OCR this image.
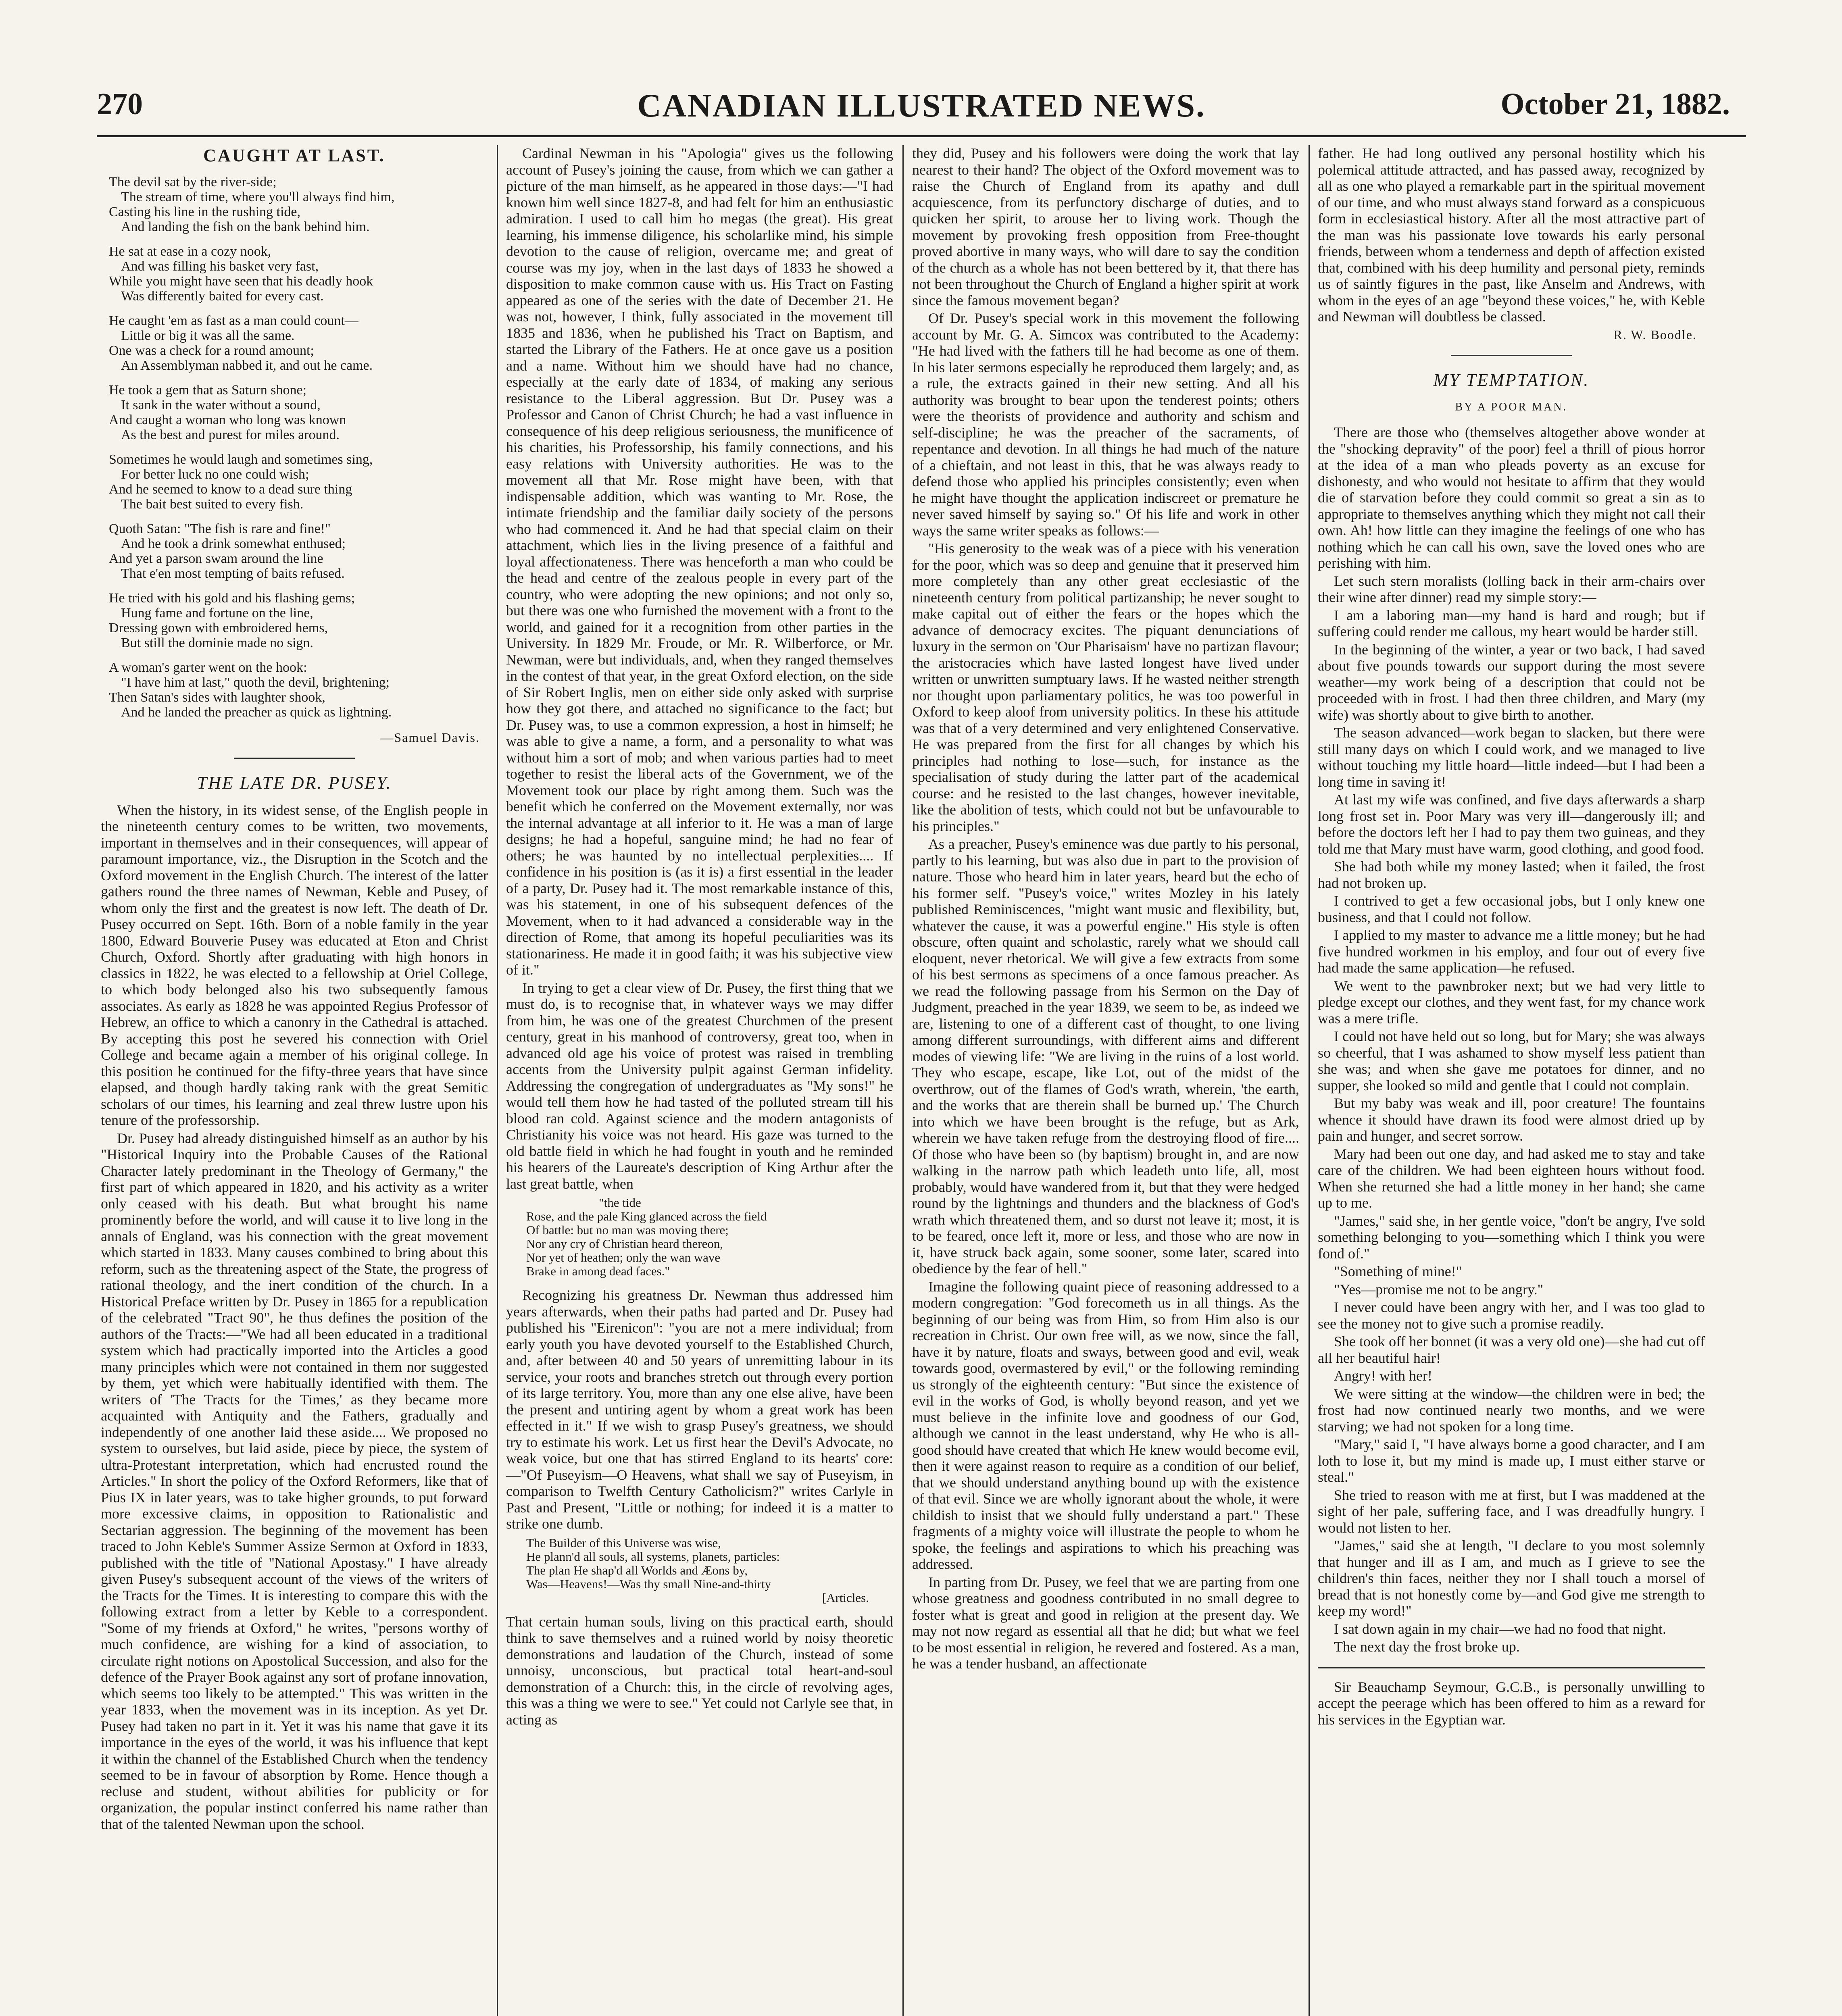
270	CANADIAN ILLUSTRATED NEWS.	October 21, 1882.
CAUGHT AT LAST.
The devil sat by the river-side;
The stream of time, where you'll always find him,
Casting his line in the rushing tide,
And landing the fish on the bank behind him.
He sat at ease in a cozy nook,
And was filling his basket very fast,
While you might have seen that his deadly hook
Was differently baited for every cast.
He caught 'em as fast as a man could count—
Little or big it was all the same.
One was a check for a round amount;
An Assemblyman nabbed it, and out he came.
He took a gem that as Saturn shone;
It sank in the water without a sound,
And caught a woman who long was known
As the best and purest for miles around.
Sometimes he would laugh and sometimes sing,
For better luck no one could wish;
And he seemed to know to a dead sure thing
The bait best suited to every fish.
Quoth Satan: "The fish is rare and fine!"
And he took a drink somewhat enthused;
And yet a parson swam around the line
That e'en most tempting of baits refused.
He tried with his gold and his flashing gems;
Hung fame and fortune on the line,
Dressing gown with embroidered hems,
But still the dominie made no sign.
A woman's garter went on the hook:
"I have him at last," quoth the devil, brightening;
Then Satan's sides with laughter shook,
And he landed the preacher as quick as lightning.
—Samuel Davis.
THE LATE DR. PUSEY.

When the history, in its widest sense, of the English people in the nineteenth century comes to be written, two movements, important in themselves and in their consequences, will appear of paramount importance, viz., the Disruption in the Scotch and the Oxford movement in the English Church. The interest of the latter gathers round the three names of Newman, Keble and Pusey, of whom only the first and the greatest is now left. The death of Dr. Pusey occurred on Sept. 16th. Born of a noble family in the year 1800, Edward Bouverie Pusey was educated at Eton and Christ Church, Oxford. Shortly after graduating with high honors in classics in 1822, he was elected to a fellowship at Oriel College, to which body belonged also his two subsequently famous associates. As early as 1828 he was appointed Regius Professor of Hebrew, an office to which a canonry in the Cathedral is attached. By accepting this post he severed his connection with Oriel College and became again a member of his original college. In this position he continued for the fifty-three years that have since elapsed, and though hardly taking rank with the great Semitic scholars of our times, his learning and zeal threw lustre upon his tenure of the professorship.

Dr. Pusey had already distinguished himself as an author by his "Historical Inquiry into the Probable Causes of the Rational Character lately predominant in the Theology of Germany," the first part of which appeared in 1820, and his activity as a writer only ceased with his death. But what brought his name prominently before the world, and will cause it to live long in the annals of England, was his connection with the great movement which started in 1833. Many causes combined to bring about this reform, such as the threatening aspect of the State, the progress of rational theology, and the inert condition of the church. In a Historical Preface written by Dr. Pusey in 1865 for a republication of the celebrated "Tract 90", he thus defines the position of the authors of the Tracts:—"We had all been educated in a traditional system which had practically imported into the Articles a good many principles which were not contained in them nor suggested by them, yet which were habitually identified with them. The writers of 'The Tracts for the Times,' as they became more acquainted with Antiquity and the Fathers, gradually and independently of one another laid these aside.... We proposed no system to ourselves, but laid aside, piece by piece, the system of ultra-Protestant interpretation, which had encrusted round the Articles." In short the policy of the Oxford Reformers, like that of Pius IX in later years, was to take higher grounds, to put forward more excessive claims, in opposition to Rationalistic and Sectarian aggression. The beginning of the movement has been traced to John Keble's Summer Assize Sermon at Oxford in 1833, published with the title of "National Apostasy." I have already given Pusey's subsequent account of the views of the writers of the Tracts for the Times. It is interesting to compare this with the following extract from a letter by Keble to a correspondent. "Some of my friends at Oxford," he writes, "persons worthy of much confidence, are wishing for a kind of association, to circulate right notions on Apostolical Succession, and also for the defence of the Prayer Book against any sort of profane innovation, which seems too likely to be attempted." This was written in the year 1833, when the movement was in its inception. As yet Dr. Pusey had taken no part in it. Yet it was his name that gave it its importance in the eyes of the world, it was his influence that kept it within the channel of the Established Church when the tendency seemed to be in favour of absorption by Rome. Hence though a recluse and student, without abilities for publicity or for organization, the popular instinct conferred his name rather than that of the talented Newman upon the school.

Cardinal Newman in his "Apologia" gives us the following account of Pusey's joining the cause, from which we can gather a picture of the man himself, as he appeared in those days:—"I had known him well since 1827-8, and had felt for him an enthusiastic admiration. I used to call him ho megas (the great). His great learning, his immense diligence, his scholarlike mind, his simple devotion to the cause of religion, overcame me; and great of course was my joy, when in the last days of 1833 he showed a disposition to make common cause with us. His Tract on Fasting appeared as one of the series with the date of December 21. He was not, however, I think, fully associated in the movement till 1835 and 1836, when he published his Tract on Baptism, and started the Library of the Fathers. He at once gave us a position and a name. Without him we should have had no chance, especially at the early date of 1834, of making any serious resistance to the Liberal aggression. But Dr. Pusey was a Professor and Canon of Christ Church; he had a vast influence in consequence of his deep religious seriousness, the munificence of his charities, his Professorship, his family connections, and his easy relations with University authorities. He was to the movement all that Mr. Rose might have been, with that indispensable addition, which was wanting to Mr. Rose, the intimate friendship and the familiar daily society of the persons who had commenced it. And he had that special claim on their attachment, which lies in the living presence of a faithful and loyal affectionateness. There was henceforth a man who could be the head and centre of the zealous people in every part of the country, who were adopting the new opinions; and not only so, but there was one who furnished the movement with a front to the world, and gained for it a recognition from other parties in the University. In 1829 Mr. Froude, or Mr. R. Wilberforce, or Mr. Newman, were but individuals, and, when they ranged themselves in the contest of that year, in the great Oxford election, on the side of Sir Robert Inglis, men on either side only asked with surprise how they got there, and attached no significance to the fact; but Dr. Pusey was, to use a common expression, a host in himself; he was able to give a name, a form, and a personality to what was without him a sort of mob; and when various parties had to meet together to resist the liberal acts of the Government, we of the Movement took our place by right among them. Such was the benefit which he conferred on the Movement externally, nor was the internal advantage at all inferior to it. He was a man of large designs; he had a hopeful, sanguine mind; he had no fear of others; he was haunted by no intellectual perplexities.... If confidence in his position is (as it is) a first essential in the leader of a party, Dr. Pusey had it. The most remarkable instance of this, was his statement, in one of his subsequent defences of the Movement, when to it had advanced a considerable way in the direction of Rome, that among its hopeful peculiarities was its stationariness. He made it in good faith; it was his subjective view of it."

In trying to get a clear view of Dr. Pusey, the first thing that we must do, is to recognise that, in whatever ways we may differ from him, he was one of the greatest Churchmen of the present century, great in his manhood of controversy, great too, when in advanced old age his voice of protest was raised in trembling accents from the University pulpit against German infidelity. Addressing the congregation of undergraduates as "My sons!" he would tell them how he had tasted of the polluted stream till his blood ran cold. Against science and the modern antagonists of Christianity his voice was not heard. His gaze was turned to the old battle field in which he had fought in youth and he reminded his hearers of the Laureate's description of King Arthur after the last great battle, when

"the tide
Rose, and the pale King glanced across the field
Of battle: but no man was moving there;
Nor any cry of Christian heard thereon,
Nor yet of heathen; only the wan wave
Brake in among dead faces."

Recognizing his greatness Dr. Newman thus addressed him years afterwards, when their paths had parted and Dr. Pusey had published his "Eirenicon": "you are not a mere individual; from early youth you have devoted yourself to the Established Church, and, after between 40 and 50 years of unremitting labour in its service, your roots and branches stretch out through every portion of its large territory. You, more than any one else alive, have been the present and untiring agent by whom a great work has been effected in it." If we wish to grasp Pusey's greatness, we should try to estimate his work. Let us first hear the Devil's Advocate, no weak voice, but one that has stirred England to its hearts' core:—"Of Puseyism—O Heavens, what shall we say of Puseyism, in comparison to Twelfth Century Catholicism?" writes Carlyle in Past and Present, "Little or nothing; for indeed it is a matter to strike one dumb.

The Builder of this Universe was wise,
He plann'd all souls, all systems, planets, particles:
The plan He shap'd all Worlds and Æons by,
Was—Heavens!—Was thy small Nine-and-thirty
[Articles.

That certain human souls, living on this practical earth, should think to save themselves and a ruined world by noisy theoretic demonstrations and laudation of the Church, instead of some unnoisy, unconscious, but practical total heart-and-soul demonstration of a Church: this, in the circle of revolving ages, this was a thing we were to see." Yet could not Carlyle see that, in acting as

they did, Pusey and his followers were doing the work that lay nearest to their hand? The object of the Oxford movement was to raise the Church of England from its apathy and dull acquiescence, from its perfunctory discharge of duties, and to quicken her spirit, to arouse her to living work. Though the movement by provoking fresh opposition from Free-thought proved abortive in many ways, who will dare to say the condition of the church as a whole has not been bettered by it, that there has not been throughout the Church of England a higher spirit at work since the famous movement began?

Of Dr. Pusey's special work in this movement the following account by Mr. G. A. Simcox was contributed to the Academy: "He had lived with the fathers till he had become as one of them. In his later sermons especially he reproduced them largely; and, as a rule, the extracts gained in their new setting. And all his authority was brought to bear upon the tenderest points; others were the theorists of providence and authority and schism and self-discipline; he was the preacher of the sacraments, of repentance and devotion. In all things he had much of the nature of a chieftain, and not least in this, that he was always ready to defend those who applied his principles consistently; even when he might have thought the application indiscreet or premature he never saved himself by saying so." Of his life and work in other ways the same writer speaks as follows:—

"His generosity to the weak was of a piece with his veneration for the poor, which was so deep and genuine that it preserved him more completely than any other great ecclesiastic of the nineteenth century from political partizanship; he never sought to make capital out of either the fears or the hopes which the advance of democracy excites. The piquant denunciations of luxury in the sermon on 'Our Pharisaism' have no partizan flavour; the aristocracies which have lasted longest have lived under written or unwritten sumptuary laws. If he wasted neither strength nor thought upon parliamentary politics, he was too powerful in Oxford to keep aloof from university politics. In these his attitude was that of a very determined and very enlightened Conservative. He was prepared from the first for all changes by which his principles had nothing to lose—such, for instance as the specialisation of study during the latter part of the academical course: and he resisted to the last changes, however inevitable, like the abolition of tests, which could not but be unfavourable to his principles."

As a preacher, Pusey's eminence was due partly to his personal, partly to his learning, but was also due in part to the provision of nature. Those who heard him in later years, heard but the echo of his former self. "Pusey's voice," writes Mozley in his lately published Reminiscences, "might want music and flexibility, but, whatever the cause, it was a powerful engine." His style is often obscure, often quaint and scholastic, rarely what we should call eloquent, never rhetorical. We will give a few extracts from some of his best sermons as specimens of a once famous preacher. As we read the following passage from his Sermon on the Day of Judgment, preached in the year 1839, we seem to be, as indeed we are, listening to one of a different cast of thought, to one living among different surroundings, with different aims and different modes of viewing life: "We are living in the ruins of a lost world. They who escape, escape, like Lot, out of the midst of the overthrow, out of the flames of God's wrath, wherein, 'the earth, and the works that are therein shall be burned up.' The Church into which we have been brought is the refuge, but as Ark, wherein we have taken refuge from the destroying flood of fire.... Of those who have been so (by baptism) brought in, and are now walking in the narrow path which leadeth unto life, all, most probably, would have wandered from it, but that they were hedged round by the lightnings and thunders and the blackness of God's wrath which threatened them, and so durst not leave it; most, it is to be feared, once left it, more or less, and those who are now in it, have struck back again, some sooner, some later, scared into obedience by the fear of hell."

Imagine the following quaint piece of reasoning addressed to a modern congregation: "God forecometh us in all things. As the beginning of our being was from Him, so from Him also is our recreation in Christ. Our own free will, as we now, since the fall, have it by nature, floats and sways, between good and evil, weak towards good, overmastered by evil," or the following reminding us strongly of the eighteenth century: "But since the existence of evil in the works of God, is wholly beyond reason, and yet we must believe in the infinite love and goodness of our God, although we cannot in the least understand, why He who is all-good should have created that which He knew would become evil, then it were against reason to require as a condition of our belief, that we should understand anything bound up with the existence of that evil. Since we are wholly ignorant about the whole, it were childish to insist that we should fully understand a part." These fragments of a mighty voice will illustrate the people to whom he spoke, the feelings and aspirations to which his preaching was addressed.

In parting from Dr. Pusey, we feel that we are parting from one whose greatness and goodness contributed in no small degree to foster what is great and good in religion at the present day. We may not now regard as essential all that he did; but what we feel to be most essential in religion, he revered and fostered. As a man, he was a tender husband, an affectionate

father. He had long outlived any personal hostility which his polemical attitude attracted, and has passed away, recognized by all as one who played a remarkable part in the spiritual movement of our time, and who must always stand forward as a conspicuous form in ecclesiastical history. After all the most attractive part of the man was his passionate love towards his early personal friends, between whom a tenderness and depth of affection existed that, combined with his deep humility and personal piety, reminds us of saintly figures in the past, like Anselm and Andrews, with whom in the eyes of an age "beyond these voices," he, with Keble and Newman will doubtless be classed.

R. W. Boodle.
MY TEMPTATION.
BY A POOR MAN.

There are those who (themselves altogether above wonder at the "shocking depravity" of the poor) feel a thrill of pious horror at the idea of a man who pleads poverty as an excuse for dishonesty, and who would not hesitate to affirm that they would die of starvation before they could commit so great a sin as to appropriate to themselves anything which they might not call their own. Ah! how little can they imagine the feelings of one who has nothing which he can call his own, save the loved ones who are perishing with him.

Let such stern moralists (lolling back in their arm-chairs over their wine after dinner) read my simple story:—

I am a laboring man—my hand is hard and rough; but if suffering could render me callous, my heart would be harder still.

In the beginning of the winter, a year or two back, I had saved about five pounds towards our support during the most severe weather—my work being of a description that could not be proceeded with in frost. I had then three children, and Mary (my wife) was shortly about to give birth to another.

The season advanced—work began to slacken, but there were still many days on which I could work, and we managed to live without touching my little hoard—little indeed—but I had been a long time in saving it!

At last my wife was confined, and five days afterwards a sharp long frost set in. Poor Mary was very ill—dangerously ill; and before the doctors left her I had to pay them two guineas, and they told me that Mary must have warm, good clothing, and good food.

She had both while my money lasted; when it failed, the frost had not broken up.

I contrived to get a few occasional jobs, but I only knew one business, and that I could not follow.

I applied to my master to advance me a little money; but he had five hundred workmen in his employ, and four out of every five had made the same application—he refused.

We went to the pawnbroker next; but we had very little to pledge except our clothes, and they went fast, for my chance work was a mere trifle.

I could not have held out so long, but for Mary; she was always so cheerful, that I was ashamed to show myself less patient than she was; and when she gave me potatoes for dinner, and no supper, she looked so mild and gentle that I could not complain.

But my baby was weak and ill, poor creature! The fountains whence it should have drawn its food were almost dried up by pain and hunger, and secret sorrow.

Mary had been out one day, and had asked me to stay and take care of the children. We had been eighteen hours without food. When she returned she had a little money in her hand; she came up to me.

"James," said she, in her gentle voice, "don't be angry, I've sold something belonging to you—something which I think you were fond of."

"Something of mine!"

"Yes—promise me not to be angry."

I never could have been angry with her, and I was too glad to see the money not to give such a promise readily.

She took off her bonnet (it was a very old one)—she had cut off all her beautiful hair!

Angry! with her!

We were sitting at the window—the children were in bed; the frost had now continued nearly two months, and we were starving; we had not spoken for a long time.

"Mary," said I, "I have always borne a good character, and I am loth to lose it, but my mind is made up, I must either starve or steal."

She tried to reason with me at first, but I was maddened at the sight of her pale, suffering face, and I was dreadfully hungry. I would not listen to her.

"James," said she at length, "I declare to you most solemnly that hunger and ill as I am, and much as I grieve to see the children's thin faces, neither they nor I shall touch a morsel of bread that is not honestly come by—and God give me strength to keep my word!"

I sat down again in my chair—we had no food that night.

The next day the frost broke up.

Sir Beauchamp Seymour, G.C.B., is personally unwilling to accept the peerage which has been offered to him as a reward for his services in the Egyptian war.
